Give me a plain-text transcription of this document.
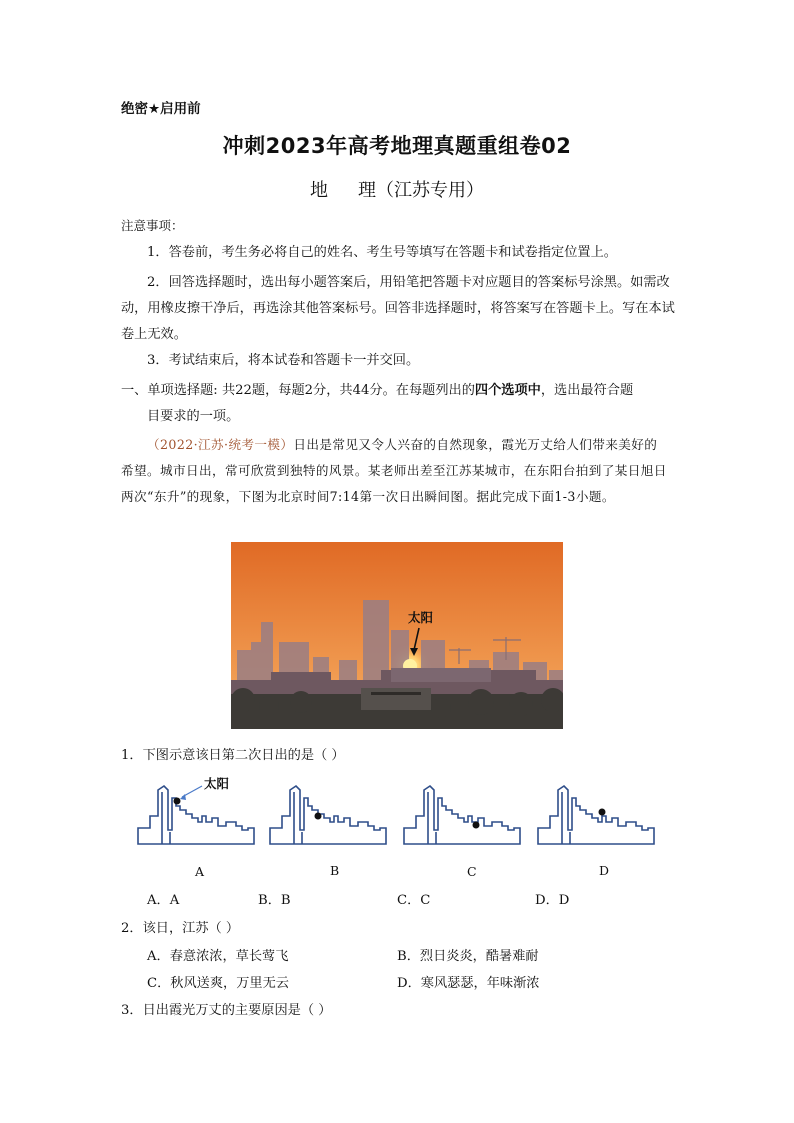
绝密★启用前
冲刺2023年高考地理真题重组卷02
地 理（江苏专用）
注意事项：
1．答卷前，考生务必将自己的姓名、考生号等填写在答题卡和试卷指定位置上。
2．回答选择题时，选出每小题答案后，用铅笔把答题卡对应题目的答案标号涂黑。如需改动，用橡皮擦干净后，再选涂其他答案标号。回答非选择题时，将答案写在答题卡上。写在本试卷上无效。
3．考试结束后，将本试卷和答题卡一并交回。
一、单项选择题: 共22题，每题2分，共44分。在每题列出的四个选项中，选出最符合题
目要求的一项。
（2022·江苏·统考一模）日出是常见又令人兴奋的自然现象，霞光万丈给人们带来美好的希望。城市日出，常可欣赏到独特的风景。某老师出差至江苏某城市，在东阳台拍到了某日旭日两次“东升”的现象，下图为北京时间7:14第一次日出瞬间图。据此完成下面1-3小题。
太阳
1．下图示意该日第二次日出的是（ ）
太阳
A	B	C	D
A．A	B．B	C．C	D．D
2．该日，江苏（ ）
A．春意浓浓，草长莺飞	B．烈日炎炎，酷暑难耐
C．秋风送爽，万里无云	D．寒风瑟瑟，年味渐浓
3．日出霞光万丈的主要原因是（ ）
